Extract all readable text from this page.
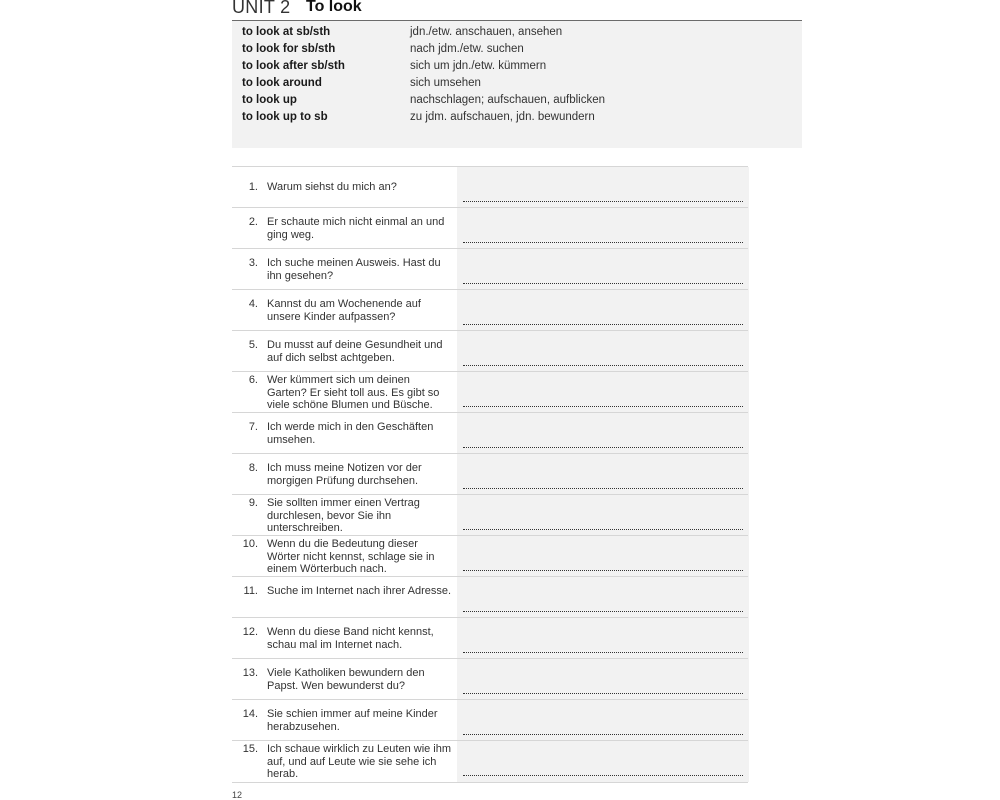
UNIT 2 To look
to look at sb/sth	jdn./etw. anschauen, ansehen
to look for sb/sth	nach jdm./etw. suchen
to look after sb/sth	sich um jdn./etw. kümmern
to look around	sich umsehen
to look up	nachschlagen; aufschauen, aufblicken
to look up to sb	zu jdm. aufschauen, jdn. bewundern
1. Warum siehst du mich an?
2. Er schaute mich nicht einmal an und ging weg.
3. Ich suche meinen Ausweis. Hast du ihn gesehen?
4. Kannst du am Wochenende auf unsere Kinder aufpassen?
5. Du musst auf deine Gesundheit und auf dich selbst achtgeben.
6. Wer kümmert sich um deinen Garten? Er sieht toll aus. Es gibt so viele schöne Blumen und Büsche.
7. Ich werde mich in den Geschäften umsehen.
8. Ich muss meine Notizen vor der morgigen Prüfung durchsehen.
9. Sie sollten immer einen Vertrag durchlesen, bevor Sie ihn unterschreiben.
10. Wenn du die Bedeutung dieser Wörter nicht kennst, schlage sie in einem Wörterbuch nach.
11. Suche im Internet nach ihrer Adresse.
12. Wenn du diese Band nicht kennst, schau mal im Internet nach.
13. Viele Katholiken bewundern den Papst. Wen bewunderst du?
14. Sie schien immer auf meine Kinder herabzusehen.
15. Ich schaue wirklich zu Leuten wie ihm auf, und auf Leute wie sie sehe ich herab.
12
